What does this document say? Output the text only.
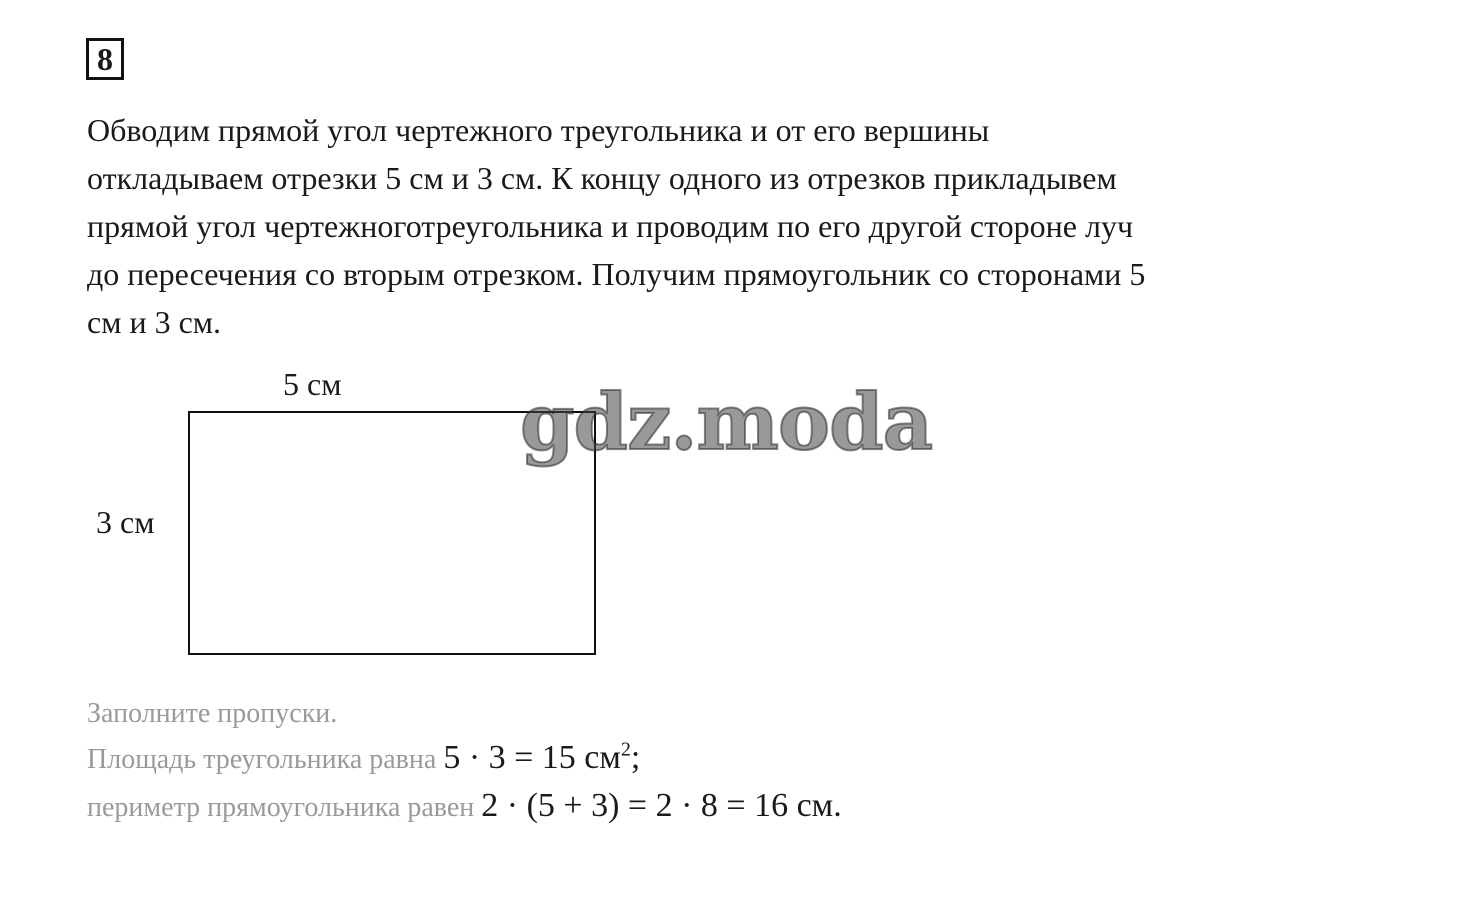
8

Обводим прямой угол чертежного треугольника и от его вершины
откладываем отрезки 5 см и 3 см. К концу одного из отрезков прикладывем
прямой угол чертежноготреугольника и проводим по его другой стороне луч
до пересечения со вторым отрезком. Получим прямоугольник со сторонами 5
см и 3 см.

5 см
3 см
gdz.moda
Заполните пропуски.
Площадь треугольника равна 5 · 3 = 15 $см^2$;
периметр прямоугольника равен 2 · (5 + 3) = 2 · 8 = 16 см.
